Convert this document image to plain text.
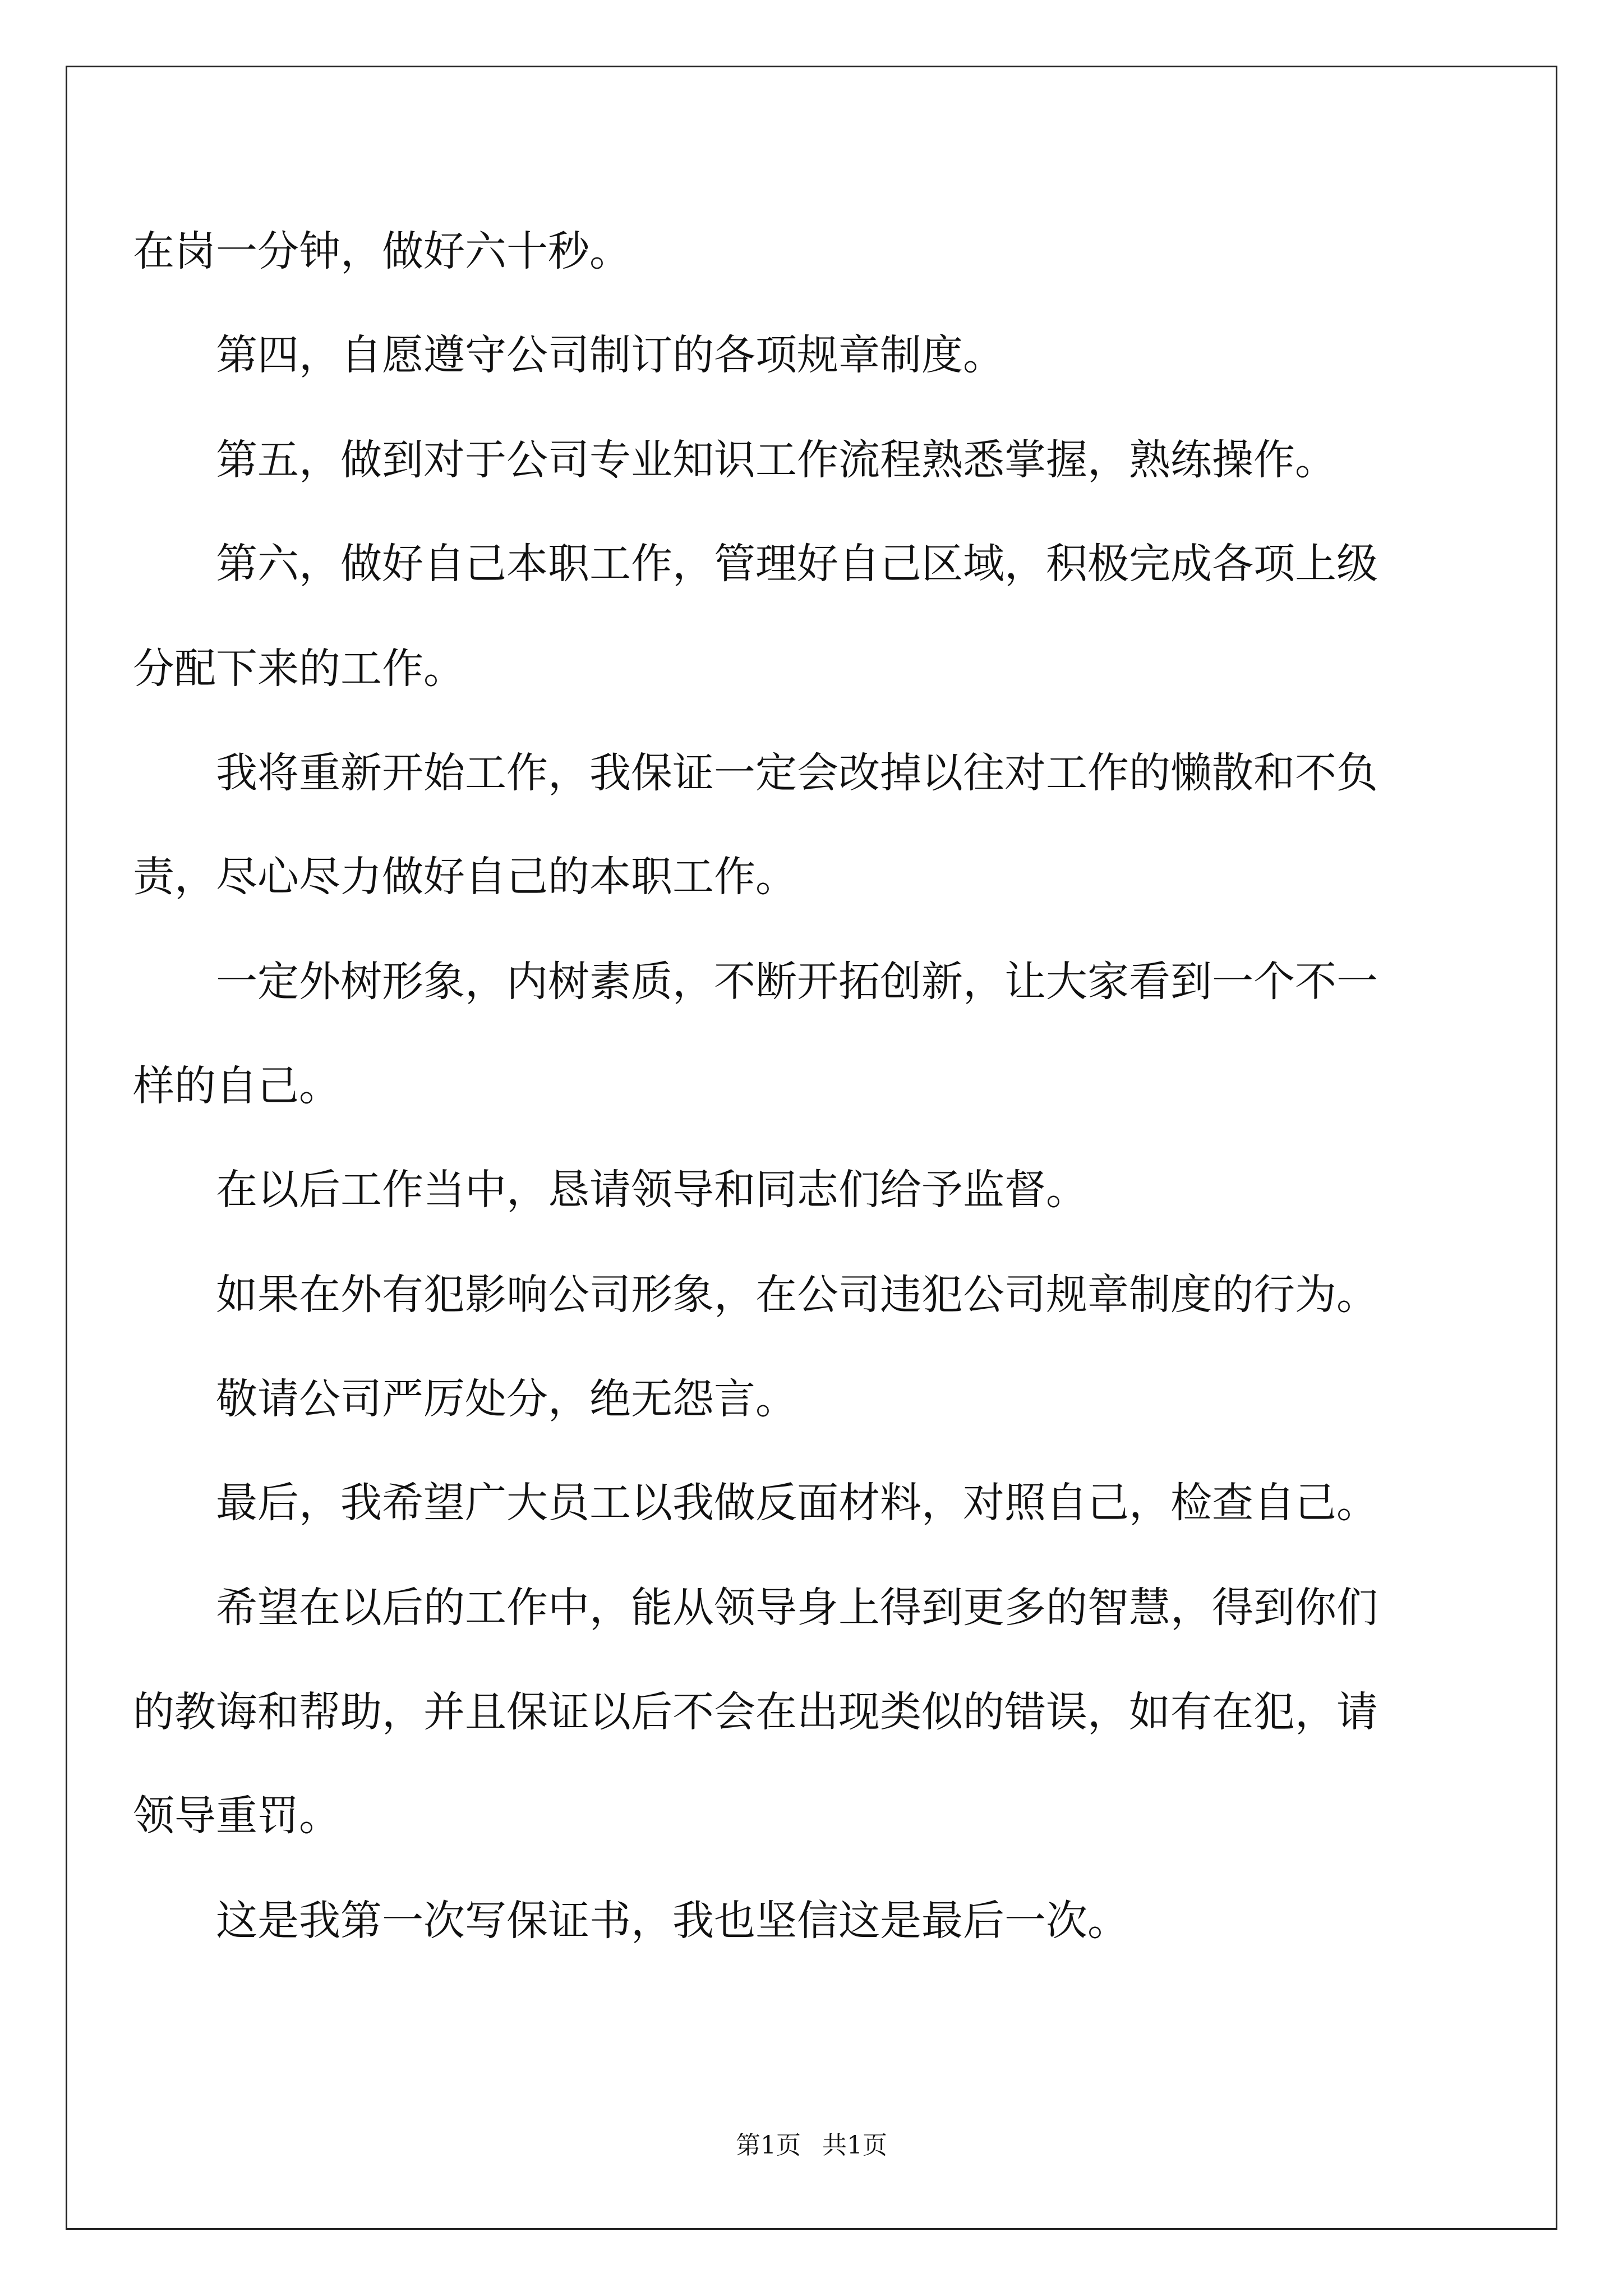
在岗一分钟，做好六十秒。
第四，自愿遵守公司制订的各项规章制度。
第五，做到对于公司专业知识工作流程熟悉掌握，熟练操作。
第六，做好自己本职工作，管理好自己区域，积极完成各项上级
分配下来的工作。
我将重新开始工作，我保证一定会改掉以往对工作的懒散和不负
责，尽心尽力做好自己的本职工作。
一定外树形象，内树素质，不断开拓创新，让大家看到一个不一
样的自己。
在以后工作当中，恳请领导和同志们给予监督。
如果在外有犯影响公司形象，在公司违犯公司规章制度的行为。
敬请公司严厉处分，绝无怨言。
最后，我希望广大员工以我做反面材料，对照自己，检查自己。
希望在以后的工作中，能从领导身上得到更多的智慧，得到你们
的教诲和帮助，并且保证以后不会在出现类似的错误，如有在犯，请
领导重罚。
这是我第一次写保证书，我也坚信这是最后一次。
第1页 共1页
